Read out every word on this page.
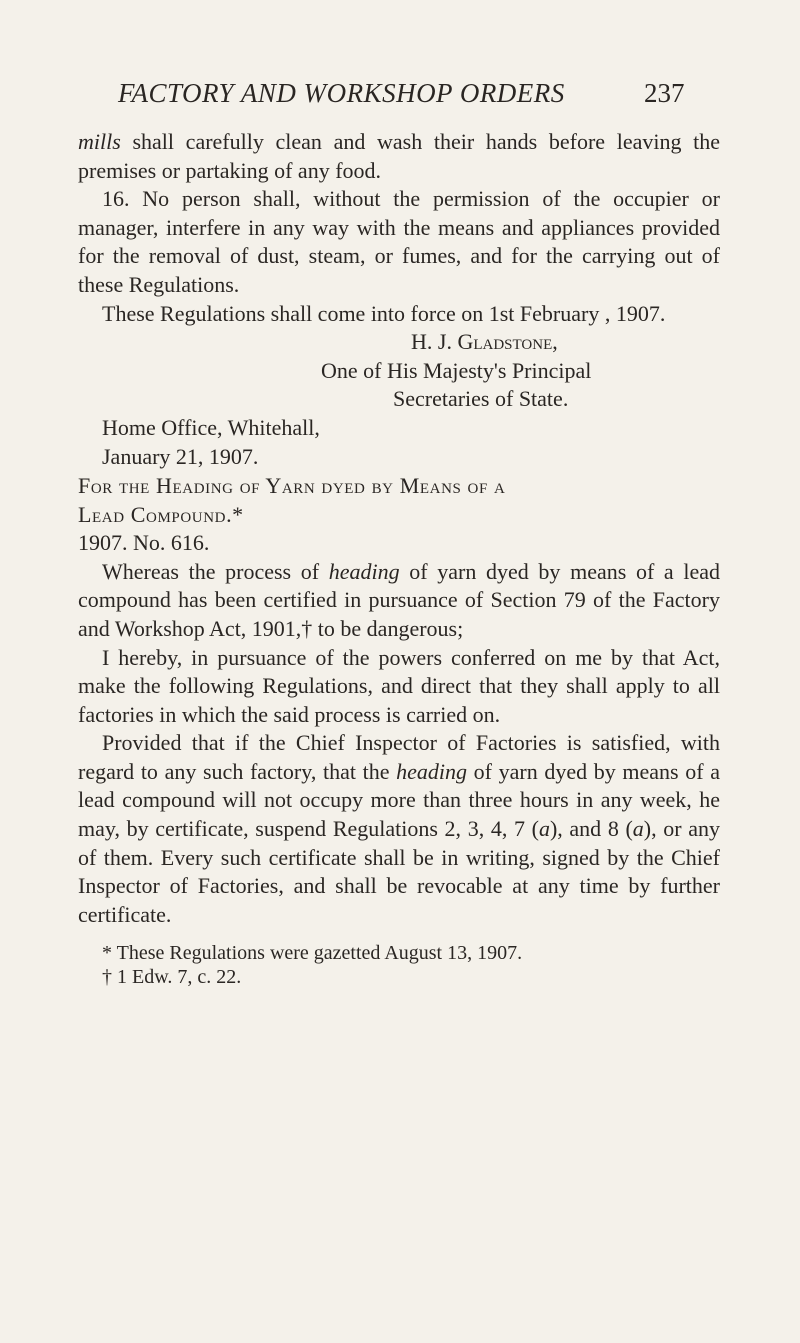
FACTORY AND WORKSHOP ORDERS	237

mills shall carefully clean and wash their hands before leaving the premises or partaking of any food.

16. No person shall, without the permission of the occupier or manager, interfere in any way with the means and appliances provided for the removal of dust, steam, or fumes, and for the carrying out of these Regulations.

These Regulations shall come into force on 1st February , 1907.

H. J. Gladstone,

One of His Majesty's Principal

Secretaries of State.

Home Office, Whitehall,

January 21, 1907.

For the Heading of Yarn dyed by Means of a
Lead Compound.*

1907. No. 616.

Whereas the process of heading of yarn dyed by means of a lead compound has been certified in pursuance of Section 79 of the Factory and Workshop Act, 1901,† to be dangerous;

I hereby, in pursuance of the powers conferred on me by that Act, make the following Regulations, and direct that they shall apply to all factories in which the said process is carried on.

Provided that if the Chief Inspector of Factories is satisfied, with regard to any such factory, that the heading of yarn dyed by means of a lead compound will not occupy more than three hours in any week, he may, by certificate, suspend Regulations 2, 3, 4, 7 (a), and 8 (a), or any of them. Every such certificate shall be in writing, signed by the Chief Inspector of Factories, and shall be revocable at any time by further certificate.

* These Regulations were gazetted August 13, 1907.

† 1 Edw. 7, c. 22.
